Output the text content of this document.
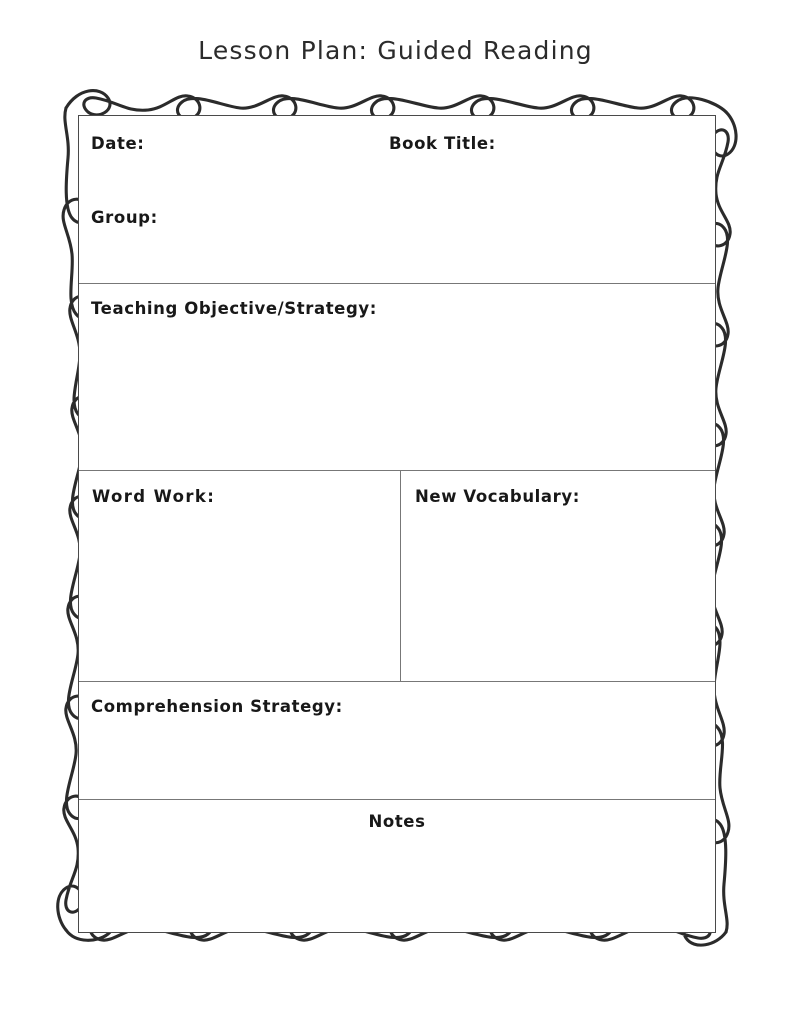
Lesson Plan: Guided Reading
Date:	Book Title:
Group:
Teaching Objective/Strategy:
Word Work:	New Vocabulary:
Comprehension Strategy:
Notes
